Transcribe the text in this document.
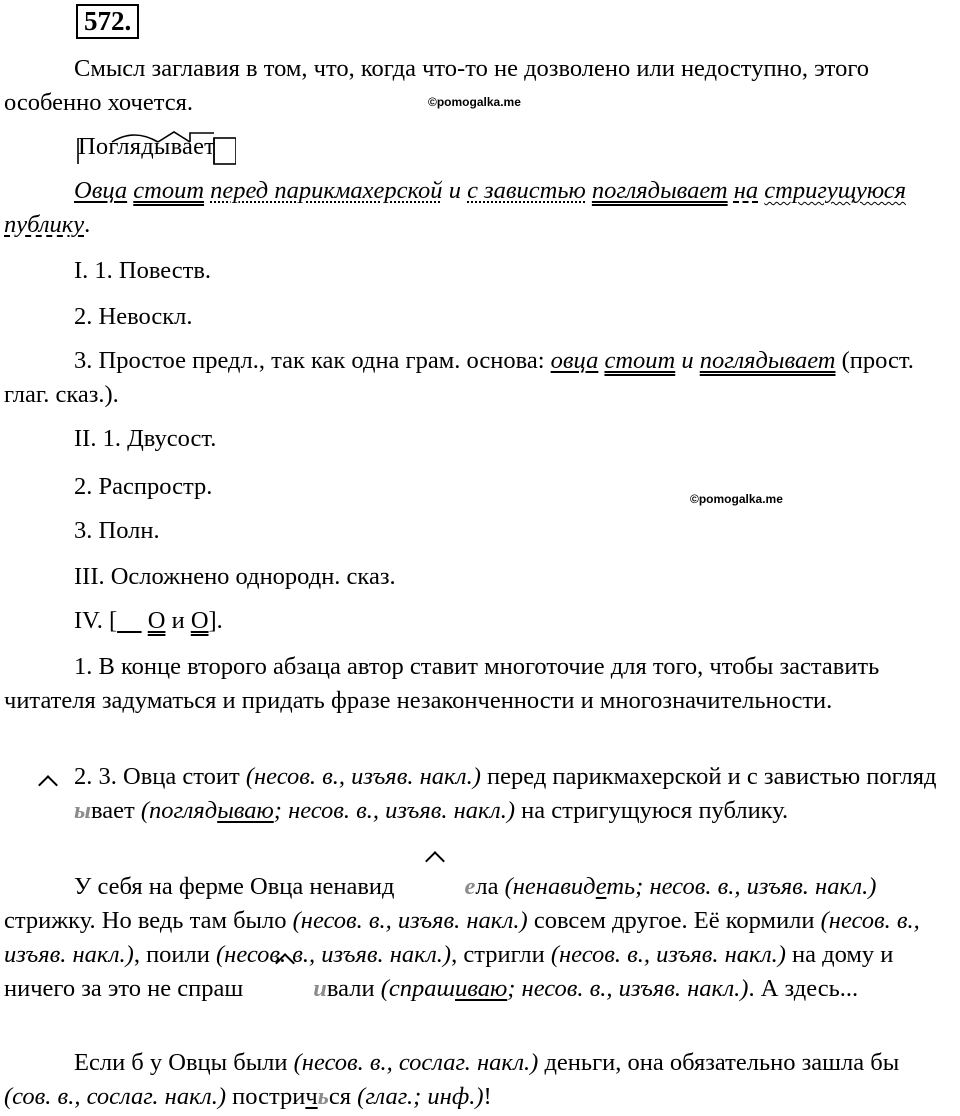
572.

Смысл заглавия в том, что, когда что-то не дозволено или недоступно, этого особенно хочется.	©pomogalka.me
Поглядывает

Овца стоит перед парикмахерской и с завистью поглядывает на стригущуюся публику.

I. 1. Повеств.

2. Невоскл.

3. Простое предл., так как одна грам. основа: овца стоит и поглядывает (прост. глаг. сказ.).

II. 1. Двусост.

2. Распростр.	©pomogalka.me

3. Полн.

III. Осложнено однородн. сказ.

IV. [ O и O].

1. В конце второго абзаца автор ставит многоточие для того, чтобы заставить читателя задуматься и придать фразе незаконченности и многозначительности.

2. 3. Овца стоит (несов. в., изъяв. накл.) перед парикмахерской и с завистью поглядывает (поглядываю; несов. в., изъяв. накл.) на стригущуюся публику.

У себя на ферме Овца ненавид	ела (ненавидеть; несов. в., изъяв. накл.) стрижку. Но ведь там было (несов. в., изъяв. накл.) совсем другое. Её кормили (несов. в., изъяв. накл.), поили (несов. в., изъяв. накл.), стригли (несов. в., изъяв. накл.) на дому и ничего за это не спраш	ивали (спрашиваю; несов. в., изъяв. накл.). А здесь...

Если б у Овцы были (несов. в., сослаг. накл.) деньги, она обязательно зашла бы (сов. в., сослаг. накл.) постричься (глаг.; инф.)!
